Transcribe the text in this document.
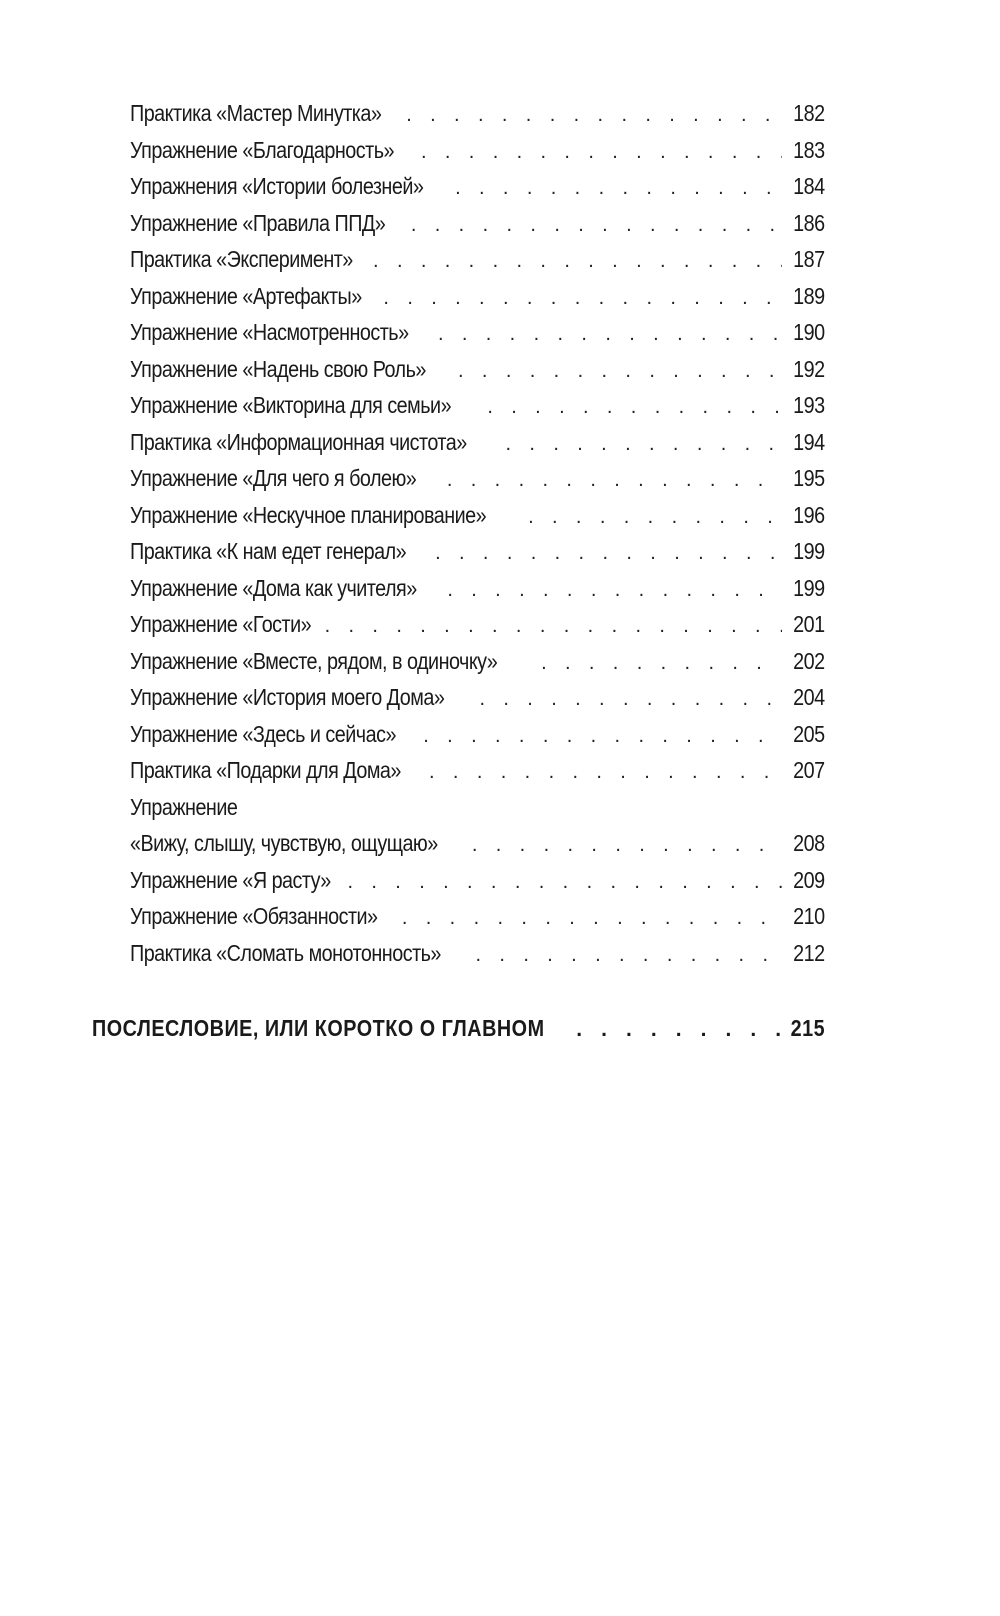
Практика «Мастер Минутка» . . .	182
Упражнение «Благодарность» . . .	183
Упражнения «Истории болезней» . . .	184
Упражнение «Правила ППД» . . .	186
Практика «Эксперимент» . . .	187
Упражнение «Артефакты» . . .	189
Упражнение «Насмотренность» . . .	190
Упражнение «Надень свою Роль» . . .	192
Упражнение «Викторина для семьи» . . .	193
Практика «Информационная чистота» . . .	194
Упражнение «Для чего я болею» . . .	195
Упражнение «Нескучное планирование» . . .	196
Практика «К нам едет генерал» . . .	199
Упражнение «Дома как учителя» . . .	199
Упражнение «Гости» . . .	201
Упражнение «Вместе, рядом, в одиночку» . . .	202
Упражнение «История моего Дома» . . .	204
Упражнение «Здесь и сейчас» . . .	205
Практика «Подарки для Дома» . . .	207
Упражнение
«Вижу, слышу, чувствую, ощущаю» . . .	208
Упражнение «Я расту» . . .	209
Упражнение «Обязанности» . . .	210
Практика «Сломать монотонность» . . .	212
ПОСЛЕСЛОВИЕ, ИЛИ КОРОТКО О ГЛАВНОМ . . .	215
